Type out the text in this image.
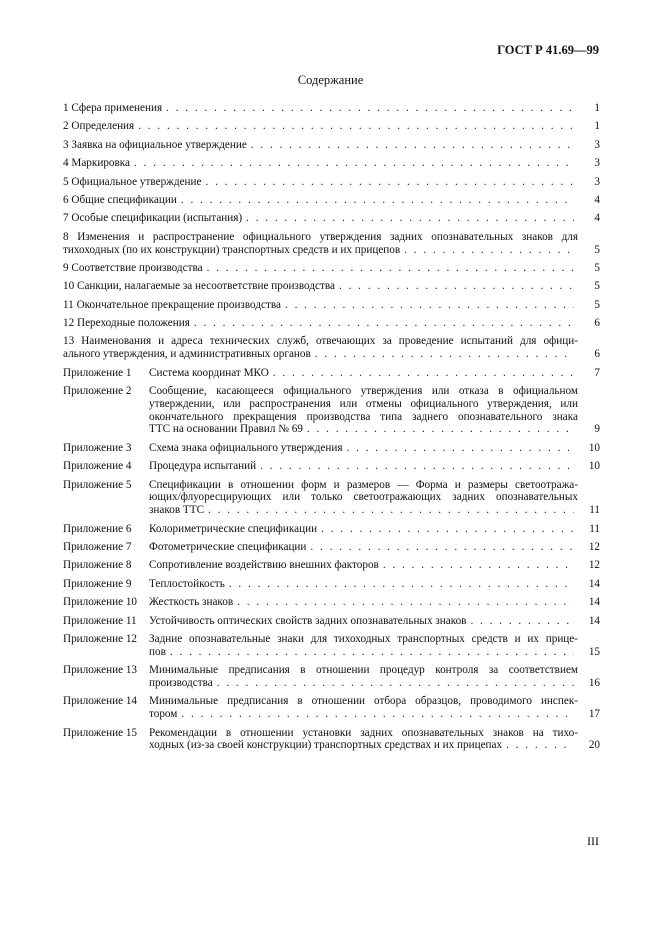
ГОСТ Р 41.69—99
Содержание
1 Сфера применения . . .	1
2 Определения . . .	1
3 Заявка на официальное утверждение . . .	3
4 Маркировка . . .	3
5 Официальное утверждение . . .	3
6 Общие спецификации . . .	4
7 Особые спецификации (испытания) . . .	4
8 Изменения и распространение официального утверждения задних опознавательных знаков для
тихоходных (по их конструкции) транспортных средств и их прицепов . . .	5
9 Соответствие производства . . .	5
10 Санкции, налагаемые за несоответствие производства . . .	5
11 Окончательное прекращение производства . . .	5
12 Переходные положения . . .	6
13 Наименования и адреса технических служб, отвечающих за проведение испытаний для офици-
ального утверждения, и административных органов . . .	6
Приложение 1 Система координат МКО . . .	7
Приложение 2 Сообщение, касающееся официального утверждения или отказа в официальном
утверждении, или распространения или отмены официального утверждения, или
окончательного прекращения производства типа заднего опознавательного знака
ТТС на основании Правил № 69 . . .	9
Приложение 3 Схема знака официального утверждения . . .	10
Приложение 4 Процедура испытаний . . .	10
Приложение 5 Спецификации в отношении форм и размеров — Форма и размеры светоотража-
ющих/флуоресцирующих или только светоотражающих задних опознавательных
знаков ТТС . . .	11
Приложение 6 Колориметрические спецификации . . .	11
Приложение 7 Фотометрические спецификации . . .	12
Приложение 8 Сопротивление воздействию внешних факторов . . .	12
Приложение 9 Теплостойкость . . .	14
Приложение 10 Жесткость знаков . . .	14
Приложение 11 Устойчивость оптических свойств задних опознавательных знаков . . .	14
Приложение 12 Задние опознавательные знаки для тихоходных транспортных средств и их прице-
пов . . .	15
Приложение 13 Минимальные предписания в отношении процедур контроля за соответствием
производства . . .	16
Приложение 14 Минимальные предписания в отношении отбора образцов, проводимого инспек-
тором . . .	17
Приложение 15 Рекомендации в отношении установки задних опознавательных знаков на тихо-
ходных (из-за своей конструкции) транспортных средствах и их прицепах . . .	20
III
